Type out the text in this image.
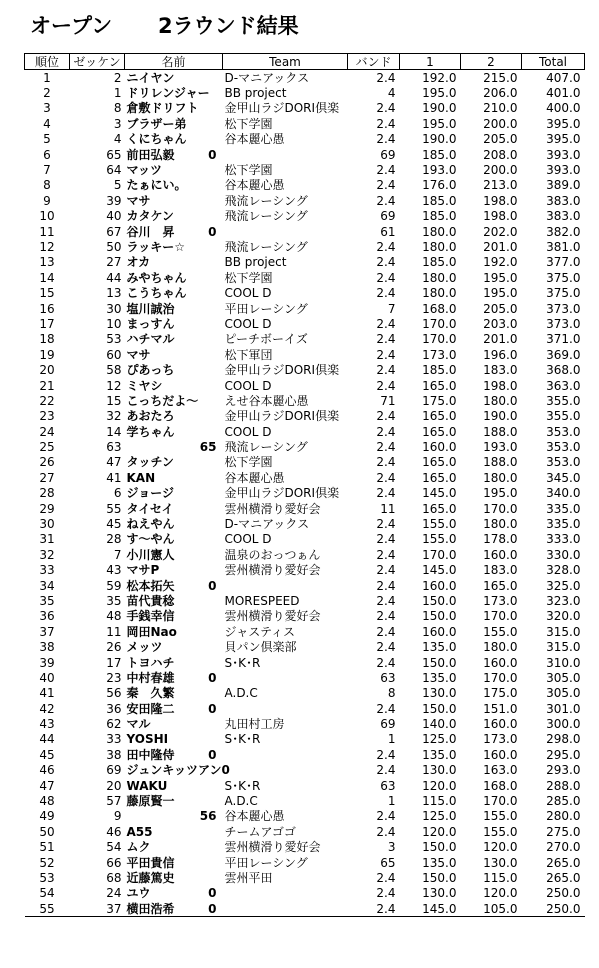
オープン 2ラウンド結果
順位	ゼッケン	名前	Team	バンド	1	2	Total
1	2	ニイヤン	D-マニアックス	2.4	192.0	215.0	407.0
2	1	ドリレンジャー	BB project	4	195.0	206.0	401.0
3	8	倉敷ドリフト	金甲山ラジDORI倶楽	2.4	190.0	210.0	400.0
4	3	ブラザー弟	松下学園	2.4	195.0	200.0	395.0
5	4	くにちゃん	谷本麗心愚	2.4	190.0	205.0	395.0
6	65	前田弘毅 0		69	185.0	208.0	393.0
7	64	マッツ	松下学園	2.4	193.0	200.0	393.0
8	5	たぁにい。	谷本麗心愚	2.4	176.0	213.0	389.0
9	39	マサ	飛流レーシング	2.4	185.0	198.0	383.0
10	40	カタケン	飛流レーシング	69	185.0	198.0	383.0
11	67	谷川　昇 0		61	180.0	202.0	382.0
12	50	ラッキー☆	飛流レーシング	2.4	180.0	201.0	381.0
13	27	オカ	BB project	2.4	185.0	192.0	377.0
14	44	みやちゃん	松下学園	2.4	180.0	195.0	375.0
15	13	こうちゃん	COOL D	2.4	180.0	195.0	375.0
16	30	塩川誠治	平田レーシング	7	168.0	205.0	373.0
17	10	まっすん	COOL D	2.4	170.0	203.0	373.0
18	53	ハチマル	ピーチボーイズ	2.4	170.0	201.0	371.0
19	60	マサ	松下軍団	2.4	173.0	196.0	369.0
20	58	ぴあっち	金甲山ラジDORI倶楽	2.4	185.0	183.0	368.0
21	12	ミヤシ	COOL D	2.4	165.0	198.0	363.0
22	15	こっちだよ～	えせ谷本麗心愚	71	175.0	180.0	355.0
23	32	あおたろ	金甲山ラジDORI倶楽	2.4	165.0	190.0	355.0
24	14	学ちゃん	COOL D	2.4	165.0	188.0	353.0
25	63	65	飛流レーシング	2.4	160.0	193.0	353.0
26	47	タッチン	松下学園	2.4	165.0	188.0	353.0
27	41	KAN	谷本麗心愚	2.4	165.0	180.0	345.0
28	6	ジョージ	金甲山ラジDORI倶楽	2.4	145.0	195.0	340.0
29	55	タイセイ	雲州横滑り愛好会	11	165.0	170.0	335.0
30	45	ねえやん	D-マニアックス	2.4	155.0	180.0	335.0
31	28	す～やん	COOL D	2.4	155.0	178.0	333.0
32	7	小川憲人	温泉のおっつぁん	2.4	170.0	160.0	330.0
33	43	マサP	雲州横滑り愛好会	2.4	145.0	183.0	328.0
34	59	松本拓矢 0		2.4	160.0	165.0	325.0
35	35	苗代貴稔	MORESPEED	2.4	150.0	173.0	323.0
36	48	手銭幸信	雲州横滑り愛好会	2.4	150.0	170.0	320.0
37	11	岡田Nao	ジャスティス	2.4	160.0	155.0	315.0
38	26	メッツ	貝パン倶楽部	2.4	135.0	180.0	315.0
39	17	トヨハチ	S･K･R	2.4	150.0	160.0	310.0
40	23	中村春雄 0		63	135.0	170.0	305.0
41	56	秦　久繁	A.D.C	8	130.0	175.0	305.0
42	36	安田隆二 0		2.4	150.0	151.0	301.0
43	62	マル	丸田村工房	69	140.0	160.0	300.0
44	33	YOSHI	S･K･R	1	125.0	173.0	298.0
45	38	田中隆侍 0		2.4	135.0	160.0	295.0
46	69	ジュンキッツアン 0		2.4	130.0	163.0	293.0
47	20	WAKU	S･K･R	63	120.0	168.0	288.0
48	57	藤原賢一	A.D.C	1	115.0	170.0	285.0
49	9	56	谷本麗心愚	2.4	125.0	155.0	280.0
50	46	A55	チームアゴゴ	2.4	120.0	155.0	275.0
51	54	ムク	雲州横滑り愛好会	3	150.0	120.0	270.0
52	66	平田貴信	平田レーシング	65	135.0	130.0	265.0
53	68	近藤篤史	雲州平田	2.4	150.0	115.0	265.0
54	24	ユウ 0		2.4	130.0	120.0	250.0
55	37	横田浩希 0		2.4	145.0	105.0	250.0
